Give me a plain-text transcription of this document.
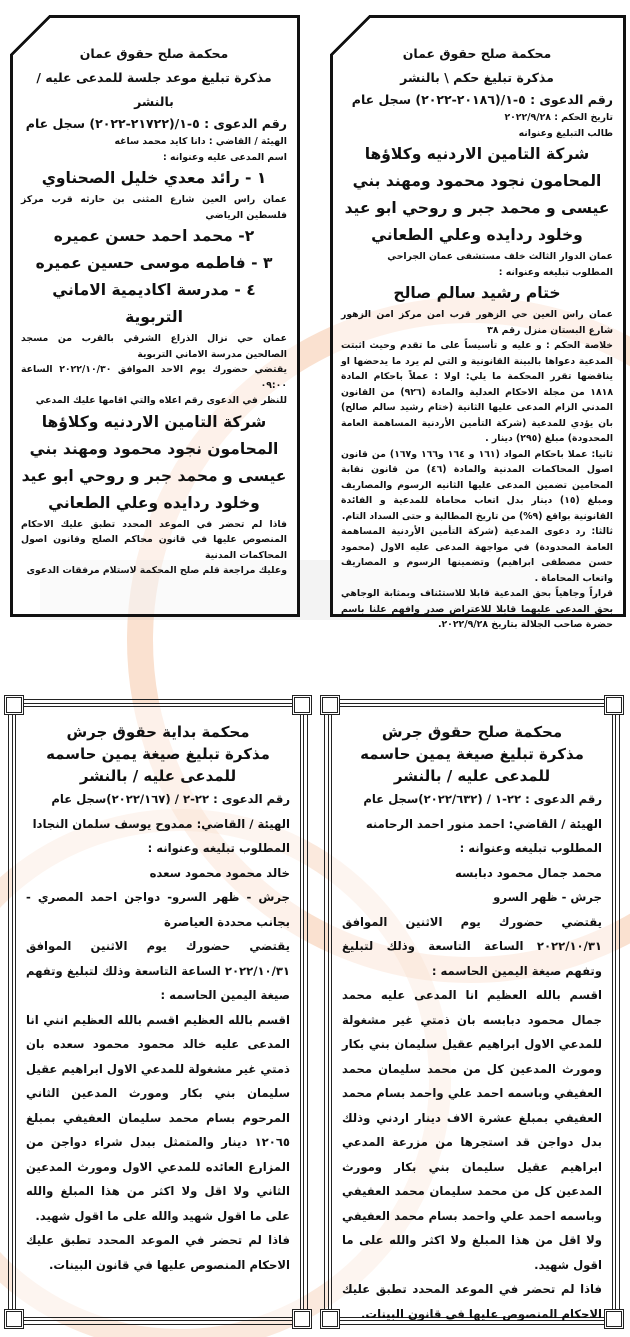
محكمة صلح حقوق عمان

مذكرة تبليغ حكم \ بالنشر

رقم الدعوى : ٥-١/(٢٠١٨٦-٢٠٢٢) سجل عام

تاريخ الحكم : ٢٠٢٢/٩/٢٨

طالب التبليغ وعنوانه

شركة التامين الاردنيه وكلاؤها المحامون نجود محمود ومهند بني عيسى و محمد جبر و روحي ابو عيد وخلود ردايده وعلي الطعاني

عمان الدوار الثالث خلف مستشفى عمان الجراحي

المطلوب تبليغه وعنوانه :

ختام رشيد سالم صالح

عمان راس العين حي الزهور قرب امن مركز امن الزهور شارع البستان منزل رقم ٣٨

خلاصة الحكم : و عليه و تأسيساً على ما تقدم وحيث اثبتت المدعية دعواها بالبينة القانونية و التي لم يرد ما يدحضها او يناقضها تقرر المحكمة ما يلي: اولا : عملاً باحكام المادة ١٨١٨ من مجلة الاحكام العدلية والمادة (٩٢٦) من القانون المدني الزام المدعى عليها الثانية (ختام رشيد سالم صالح) بان يؤدي للمدعية (شركة التأمين الأردنية المساهمة العامة المحدودة) مبلغ (٢٩٥) دينار .

ثانيا: عملا باحكام المواد (١٦١ و ١٦٤ و١٦٦ و١٦٧) من قانون اصول المحاكمات المدنية والمادة (٤٦) من قانون نقابة المحامين تضمين المدعى عليها الثانيه الرسوم والمصاريف ومبلغ (١٥) دينار بدل اتعاب محاماة للمدعية و الفائدة القانونية بواقع (٩%) من تاريخ المطالبة و حتى السداد التام.

ثالثا: رد دعوى المدعية (شركة التأمين الأردنية المساهمة العامة المحدودة) في مواجهة المدعى عليه الاول (محمود حسن مصطفى ابراهيم) وتضمينها الرسوم و المصاريف واتعاب المحاماة .

قراراً وجاهياً بحق المدعية قابلا للاستئناف وبمثابة الوجاهي بحق المدعى عليهما قابلا للاعتراض صدر وافهم علنا باسم حضرة صاحب الجلالة بتاريخ ٢٠٢٢/٩/٢٨.

محكمة صلح حقوق عمان

مذكرة تبليغ موعد جلسة للمدعى عليه / بالنشر

رقم الدعوى : ٥-١/(٢١٧٢٢-٢٠٢٢) سجل عام

الهيئة / القاضي : دانا كايد محمد ساغه

اسم المدعى عليه وعنوانه :

١ - رائد معدي خليل الصحناوي

عمان راس العين شارع المثنى بن حارثه قرب مركز فلسطين الرياضي

٢- محمد احمد حسن عميره

٣ - فاطمه موسى حسين عميره

٤ - مدرسة اكاديمية الاماني التربوية

عمان حي نزال الذراع الشرقي بالقرب من مسجد الصالحين مدرسة الاماني التربوية

يقتضي حضورك يوم الاحد الموافق ٢٠٢٢/١٠/٣٠ الساعة ٠٩:٠٠

للنظر في الدعوى رقم اعلاه والتي اقامها عليك المدعي

شركة التامين الاردنيه وكلاؤها المحامون نجود محمود ومهند بني عيسى و محمد جبر و روحي ابو عيد وخلود ردايده وعلي الطعاني

فاذا لم تحضر في الموعد المحدد تطبق عليك الاحكام المنصوص عليها في قانون محاكم الصلح وقانون اصول المحاكمات المدنية

وعليك مراجعة قلم صلح المحكمة لاستلام مرفقات الدعوى

محكمة بداية حقوق جرش

مذكرة تبليغ صيغة يمين حاسمه

للمدعى عليه / بالنشر

رقم الدعوى : ٢٢-٢ / (٢٠٢٢/١٦٧)سجل عام

الهيئة / القاضي: ممدوح يوسف سلمان النجادا

المطلوب تبليغه وعنوانه :

خالد محمود محمود سعده

جرش - ظهر السرو- دواجن احمد المصري - بجانب محددة العياصرة

يقتضي حضورك يوم الاثنين الموافق ٢٠٢٢/١٠/٣١ الساعة التاسعة وذلك لتبليغ وتفهم صيغة اليمين الحاسمه :

اقسم بالله العظيم اقسم بالله العظيم انني انا المدعى عليه خالد محمود محمود سعده بان ذمتي غير مشغولة للمدعي الاول ابراهيم عقيل سليمان بني بكار ومورث المدعين الثاني المرحوم بسام محمد سليمان العفيفي بمبلغ ١٢٠٦٥ دينار والمتمثل ببدل شراء دواجن من المزارع العائده للمدعي الاول ومورث المدعين الثاني ولا اقل ولا اكثر من هذا المبلغ والله على ما اقول شهيد والله على ما اقول شهيد.

فاذا لم تحضر في الموعد المحدد تطبق عليك الاحكام المنصوص عليها في قانون البينات.

محكمة صلح حقوق جرش

مذكرة تبليغ صيغة يمين حاسمه

للمدعى عليه / بالنشر

رقم الدعوى : ٢٢-١ / (٢٠٢٢/٦٣٢)سجل عام

الهيئة / القاضي: احمد منور احمد الرحامنه

المطلوب تبليغه وعنوانه :

محمد جمال محمود دبابسه

جرش - ظهر السرو

يقتضي حضورك يوم الاثنين الموافق ٢٠٢٢/١٠/٣١ الساعة التاسعة وذلك لتبليغ وتفهم صيغة اليمين الحاسمه :

اقسم بالله العظيم انا المدعى عليه محمد جمال محمود دبابسه بان ذمتي غير مشغولة للمدعي الاول ابراهيم عقيل سليمان بني بكار ومورث المدعين كل من محمد سليمان محمد العفيفي وباسمه احمد علي واحمد بسام محمد العفيفي بمبلغ عشرة الاف دينار اردني وذلك بدل دواجن قد استجرها من مزرعة المدعي ابراهيم عقيل سليمان بني بكار ومورث المدعين كل من محمد سليمان محمد العفيفي وباسمه احمد علي واحمد بسام محمد العفيفي ولا اقل من هذا المبلغ ولا اكثر والله على ما اقول شهيد.

فاذا لم تحضر في الموعد المحدد تطبق عليك الاحكام المنصوص عليها في قانون البينات.
